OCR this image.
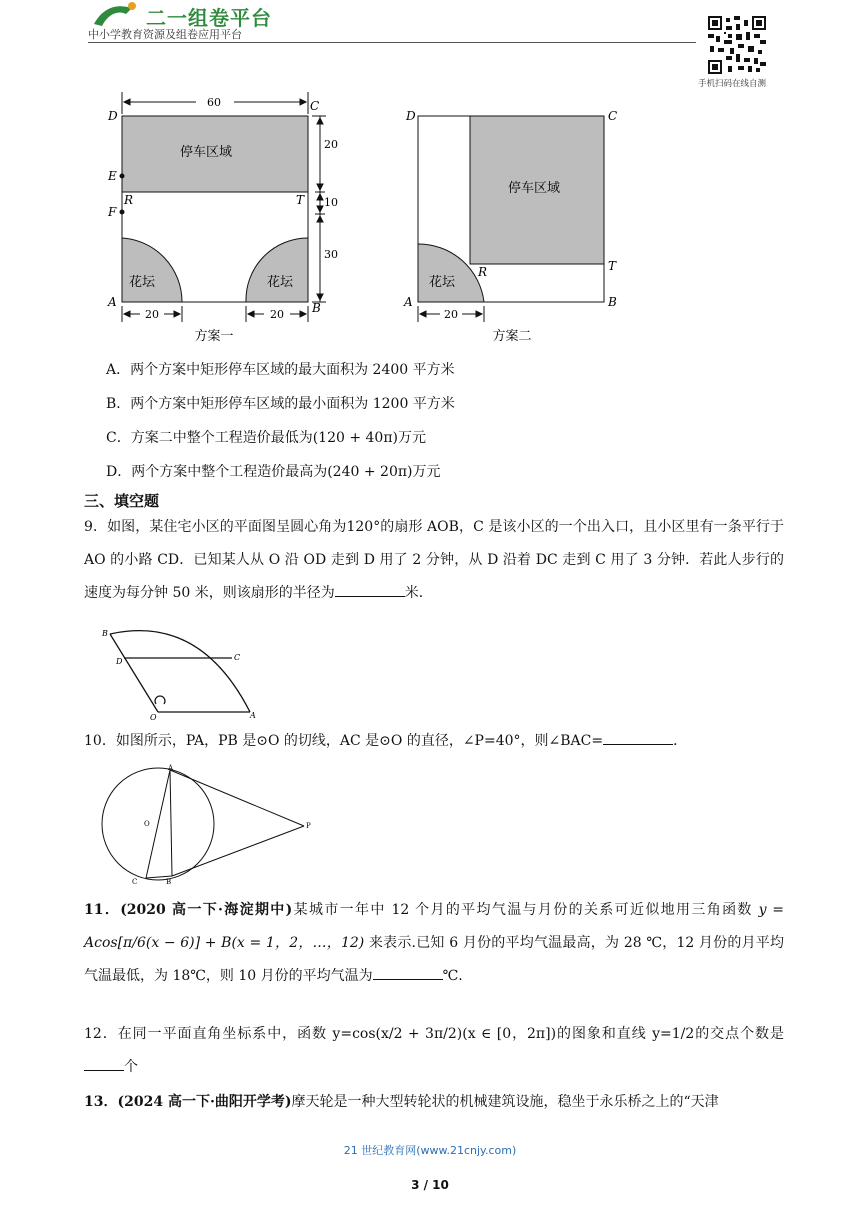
二一组卷平台
中小学教育资源及组卷应用平台
手机扫码在线自测
60
20
10
30
20	20
停车区域
花坛	花坛
D
C
E
F
R	T
A	B
方案一
20
停车区域
花坛
D	C
R	T
A	B
方案二
A．两个方案中矩形停车区域的最大面积为 2400 平方米
B．两个方案中矩形停车区域的最小面积为 1200 平方米
C．方案二中整个工程造价最低为(120 + 40π)万元
D．两个方案中整个工程造价最高为(240 + 20π)万元
三、填空题
9．如图，某住宅小区的平面图呈圆心角为120°的扇形 AOB，C 是该小区的一个出入口，且小区里有一条平行于 AO 的小路 CD．已知某人从 O 沿 OD 走到 D 用了 2 分钟，从 D 沿着 DC 走到 C 用了 3 分钟．若此人步行的速度为每分钟 50 米，则该扇形的半径为	米．
B
D	C
O	A
10．如图所示，PA，PB 是⊙O 的切线，AC 是⊙O 的直径，∠P=40°，则∠BAC=	．
A
O	P
C	B
11．(2020 高一下·海淀期中)某城市一年中 12 个月的平均气温与月份的关系可近似地用三角函数 y = Acos[π/6(x − 6)] + B(x = 1，2，…，12) 来表示.已知 6 月份的平均气温最高，为 28 ℃，12 月份的月平均气温最低，为 18℃，则 10 月份的平均气温为	℃.
12．在同一平面直角坐标系中，函数 y=cos(x/2 + 3π/2)(x ∈ [0，2π])的图象和直线 y=1/2的交点个数是个
13．(2024 高一下·曲阳开学考)摩天轮是一种大型转轮状的机械建筑设施，稳坐于永乐桥之上的“天津
21 世纪教育网(www.21cnjy.com)
3 / 10
